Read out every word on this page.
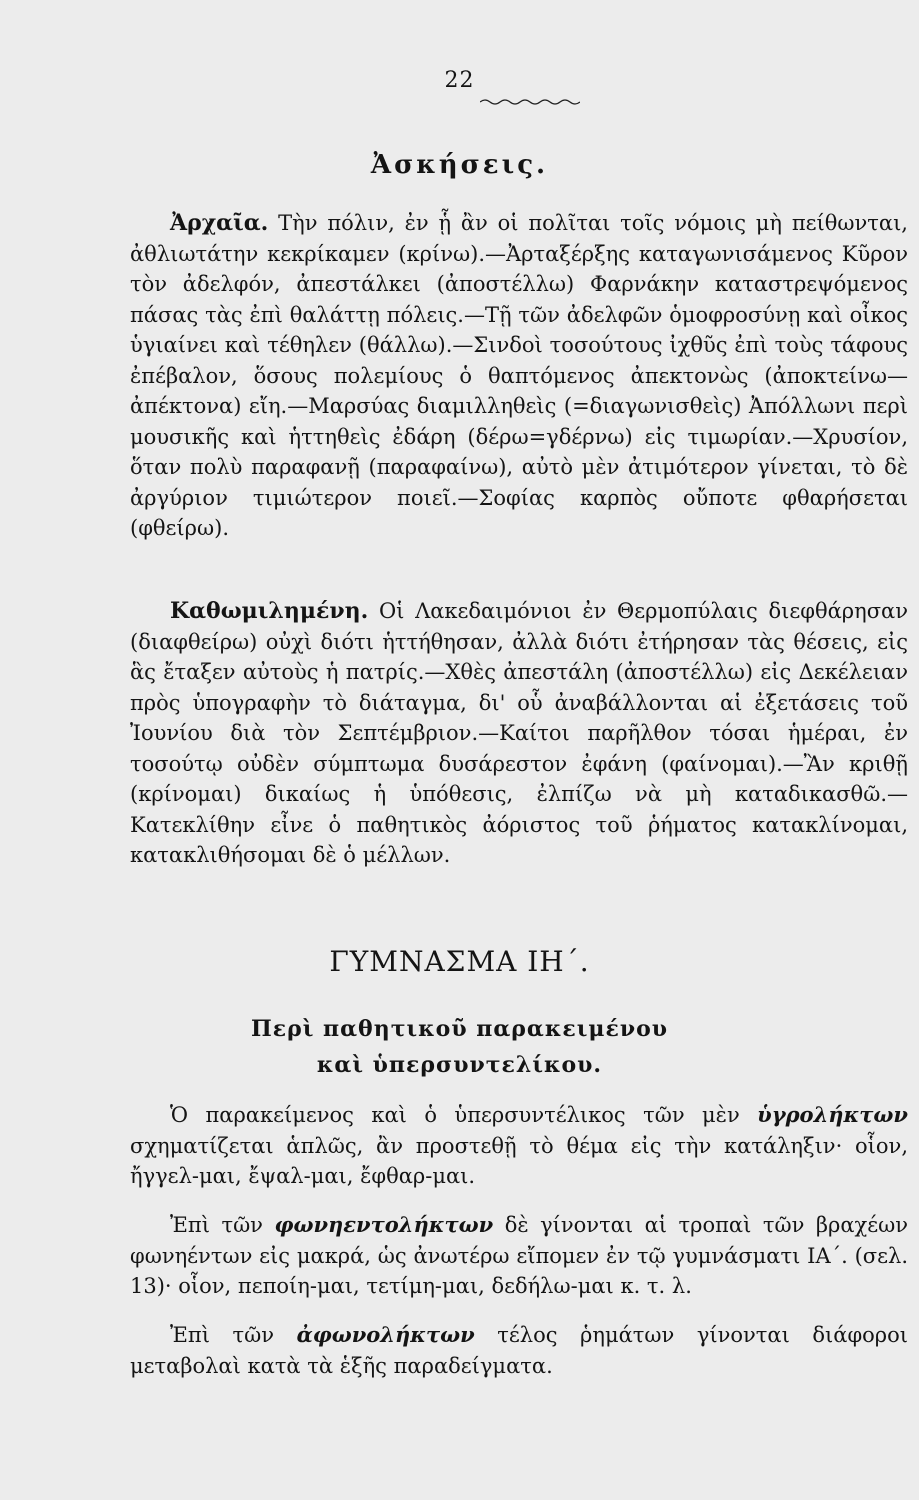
22
Ἀσκήσεις.

Ἀρχαῖα. Τὴν πόλιν, ἐν ᾗ ἂν οἱ πολῖται τοῖς νόμοις μὴ πείθωνται, ἀθλιωτάτην κεκρίκαμεν (κρίνω).—Ἀρταξέρξης καταγωνισάμενος Κῦρον τὸν ἀδελφόν, ἀπεστάλκει (ἀποστέλλω) Φαρνάκην καταστρεψόμενος πάσας τὰς ἐπὶ θαλάττῃ πόλεις.—Τῇ τῶν ἀδελφῶν ὁμοφροσύνῃ καὶ οἶκος ὑγιαίνει καὶ τέθηλεν (θάλλω).—Σινδοὶ τοσούτους ἰχθῦς ἐπὶ τοὺς τάφους ἐπέβαλον, ὅσους πολεμίους ὁ θαπτόμενος ἀπεκτονὼς (ἀποκτείνω—ἀπέκτονα) εἴη.—Μαρσύας διαμιλληθεὶς (=διαγωνισθεὶς) Ἀπόλλωνι περὶ μουσικῆς καὶ ἡττηθεὶς ἐδάρη (δέρω=γδέρνω) εἰς τιμωρίαν.—Χρυσίον, ὅταν πολὺ παραφανῇ (παραφαίνω), αὐτὸ μὲν ἀτιμότερον γίνεται, τὸ δὲ ἀργύριον τιμιώτερον ποιεῖ.—Σοφίας καρπὸς οὔποτε φθαρήσεται (φθείρω).

Καθωμιλημένη. Οἱ Λακεδαιμόνιοι ἐν Θερμοπύλαις διεφθάρησαν (διαφθείρω) οὐχὶ διότι ἡττήθησαν, ἀλλὰ διότι ἐτήρησαν τὰς θέσεις, εἰς ἃς ἔταξεν αὐτοὺς ἡ πατρίς.—Χθὲς ἀπεστάλη (ἀποστέλλω) εἰς Δεκέλειαν πρὸς ὑπογραφὴν τὸ διάταγμα, δι' οὗ ἀναβάλλονται αἱ ἐξετάσεις τοῦ Ἰουνίου διὰ τὸν Σεπτέμβριον.—Καίτοι παρῆλθον τόσαι ἡμέραι, ἐν τοσούτῳ οὐδὲν σύμπτωμα δυσάρεστον ἐφάνη (φαίνομαι).—Ἂν κριθῇ (κρίνομαι) δικαίως ἡ ὑπόθεσις, ἐλπίζω νὰ μὴ καταδικασθῶ.—Κατεκλίθην εἶνε ὁ παθητικὸς ἀόριστος τοῦ ῥήματος κατακλίνομαι, κατακλιθήσομαι δὲ ὁ μέλλων.

ΓΥΜΝΑΣΜΑ ΙΗ΄.
Περὶ παθητικοῦ παρακειμένου
καὶ ὑπερσυντελίκου.

Ὁ παρακείμενος καὶ ὁ ὑπερσυντέλικος τῶν μὲν ὑγρολήκτων σχηματίζεται ἁπλῶς, ἂν προστεθῇ τὸ θέμα εἰς τὴν κατάληξιν· οἷον, ἤγγελ-μαι, ἔψαλ-μαι, ἔφθαρ-μαι.

Ἐπὶ τῶν φωνηεντολήκτων δὲ γίνονται αἱ τροπαὶ τῶν βραχέων φωνηέντων εἰς μακρά, ὡς ἀνωτέρω εἴπομεν ἐν τῷ γυμνάσματι ΙΑ΄. (σελ. 13)· οἷον, πεποίη-μαι, τετίμη-μαι, δεδήλω-μαι κ. τ. λ.

Ἐπὶ τῶν ἀφωνολήκτων τέλος ῥημάτων γίνονται διάφοροι μεταβολαὶ κατὰ τὰ ἑξῆς παραδείγματα.
